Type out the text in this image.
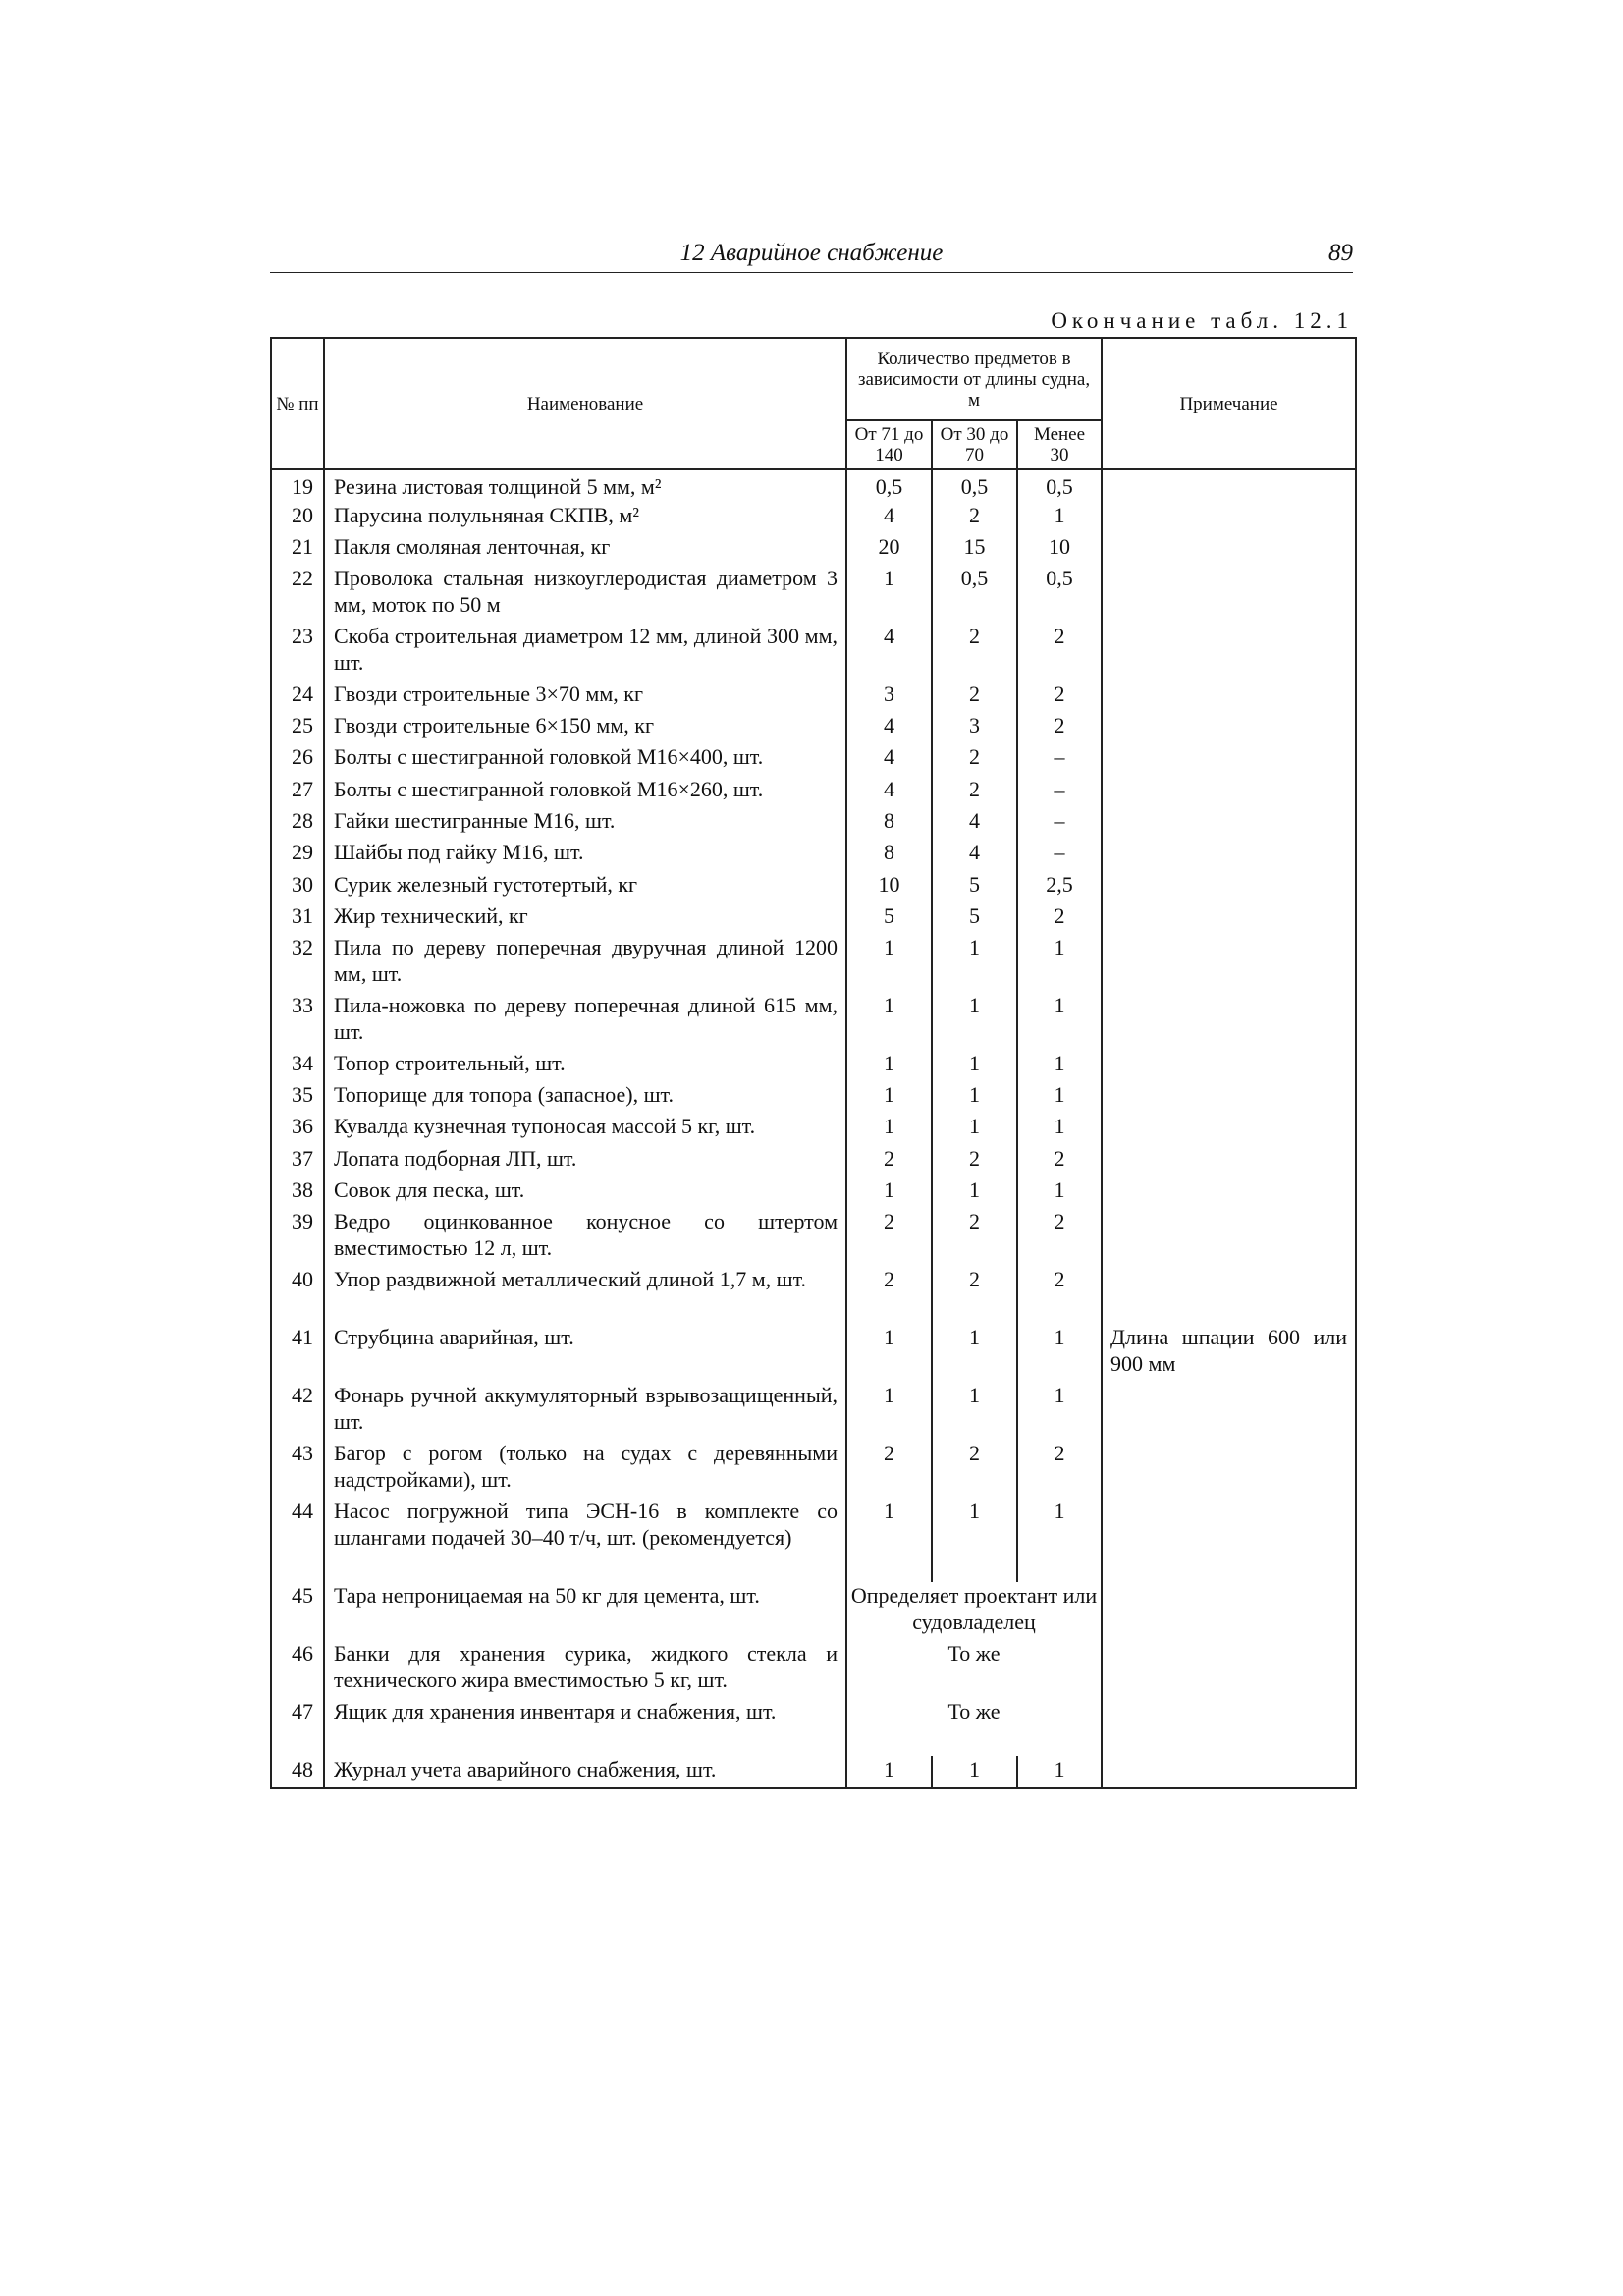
12 Аварийное снабжение	89
Окончание табл. 12.1
№ пп	Наименование	Количество предметов в зависимости от длины судна, м			Примечание
		От 71 до 140	От 30 до 70	Менее 30	
19	Резина листовая толщиной 5 мм, м²	0,5	0,5	0,5	
20	Парусина полульняная СКПВ, м²	4	2	1	
21	Пакля смоляная ленточная, кг	20	15	10	
22	Проволока стальная низкоуглеродистая диаметром 3 мм, моток по 50 м	1	0,5	0,5	
23	Скоба строительная диаметром 12 мм, длиной 300 мм, шт.	4	2	2	
24	Гвозди строительные 3×70 мм, кг	3	2	2	
25	Гвозди строительные 6×150 мм, кг	4	3	2	
26	Болты с шестигранной головкой М16×400, шт.	4	2	–	
27	Болты с шестигранной головкой М16×260, шт.	4	2	–	
28	Гайки шестигранные М16, шт.	8	4	–	
29	Шайбы под гайку М16, шт.	8	4	–	
30	Сурик железный густотертый, кг	10	5	2,5	
31	Жир технический, кг	5	5	2	
32	Пила по дереву поперечная двуручная длиной 1200 мм, шт.	1	1	1	
33	Пила-ножовка по дереву поперечная длиной 615 мм, шт.	1	1	1	
34	Топор строительный, шт.	1	1	1	
35	Топорище для топора (запасное), шт.	1	1	1	
36	Кувалда кузнечная тупоносая массой 5 кг, шт.	1	1	1	
37	Лопата подборная ЛП, шт.	2	2	2	
38	Совок для песка, шт.	1	1	1	
39	Ведро оцинкованное конусное со штертом вместимостью 12 л, шт.	2	2	2	
40	Упор раздвижной металлический длиной 1,7 м, шт.	2	2	2	
41	Струбцина аварийная, шт.	1	1	1	Длина шпации 600 или 900 мм
42	Фонарь ручной аккумуляторный взрывозащищенный, шт.	1	1	1	
43	Багор с рогом (только на судах с деревянными надстройками), шт.	2	2	2	
44	Насос погружной типа ЭСН-16 в комплекте со шлангами подачей 30–40 т/ч, шт. (рекомендуется)	1	1	1	
45	Тара непроницаемая на 50 кг для цемента, шт.	Определяет проектант или судовладелец			
46	Банки для хранения сурика, жидкого стекла и технического жира вместимостью 5 кг, шт.	То же			
47	Ящик для хранения инвентаря и снабжения, шт.	То же			
48	Журнал учета аварийного снабжения, шт.	1	1	1	
